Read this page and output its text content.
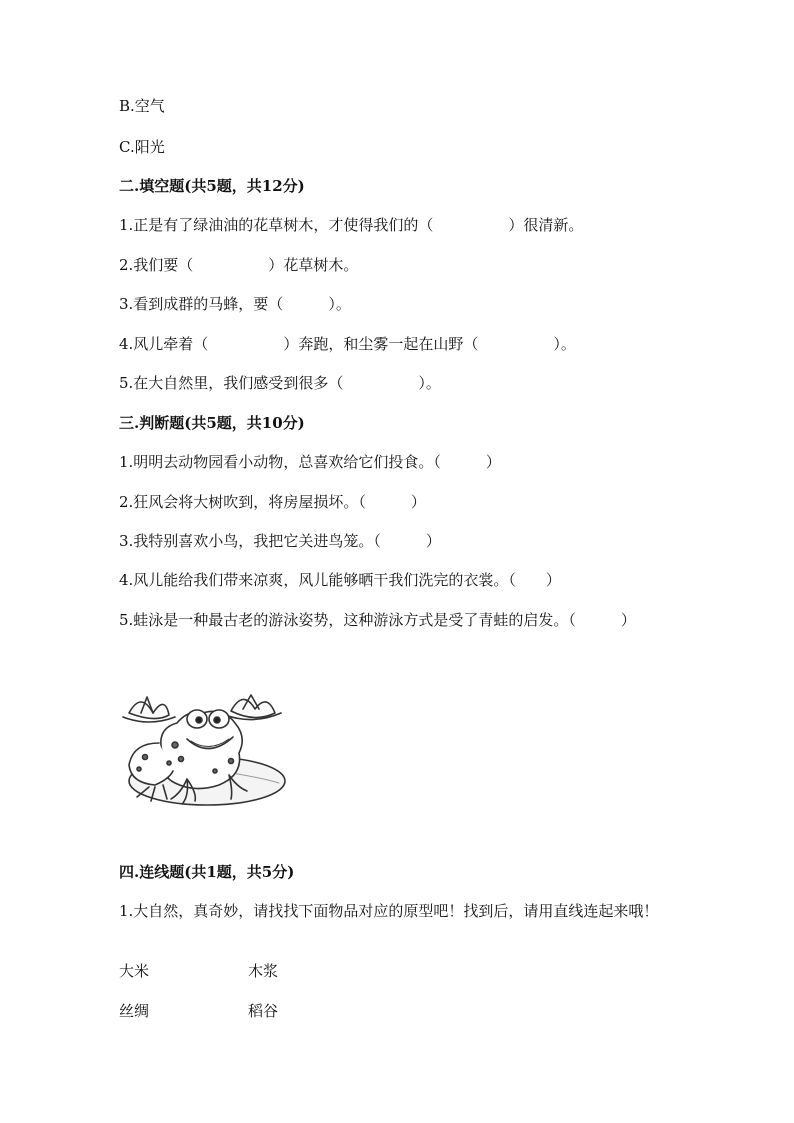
B.空气
C.阳光
二.填空题(共5题，共12分)
1.正是有了绿油油的花草树木，才使得我们的（　　　　　）很清新。
2.我们要（　　　　　）花草树木。
3.看到成群的马蜂，要（　　　）。
4.风儿牵着（　　　　　）奔跑，和尘雾一起在山野（　　　　　）。
5.在大自然里，我们感受到很多（　　　　　）。
三.判断题(共5题，共10分)
1.明明去动物园看小动物，总喜欢给它们投食。（　　　）
2.狂风会将大树吹到，将房屋损坏。（　　　）
3.我特别喜欢小鸟，我把它关进鸟笼。（　　　）
4.风儿能给我们带来凉爽，风儿能够晒干我们洗完的衣裳。（　　）
5.蛙泳是一种最古老的游泳姿势，这种游泳方式是受了青蛙的启发。（　　　）
四.连线题(共1题，共5分)
1.大自然，真奇妙，请找找下面物品对应的原型吧！找到后，请用直线连起来哦！
大米	木浆
丝绸	稻谷
